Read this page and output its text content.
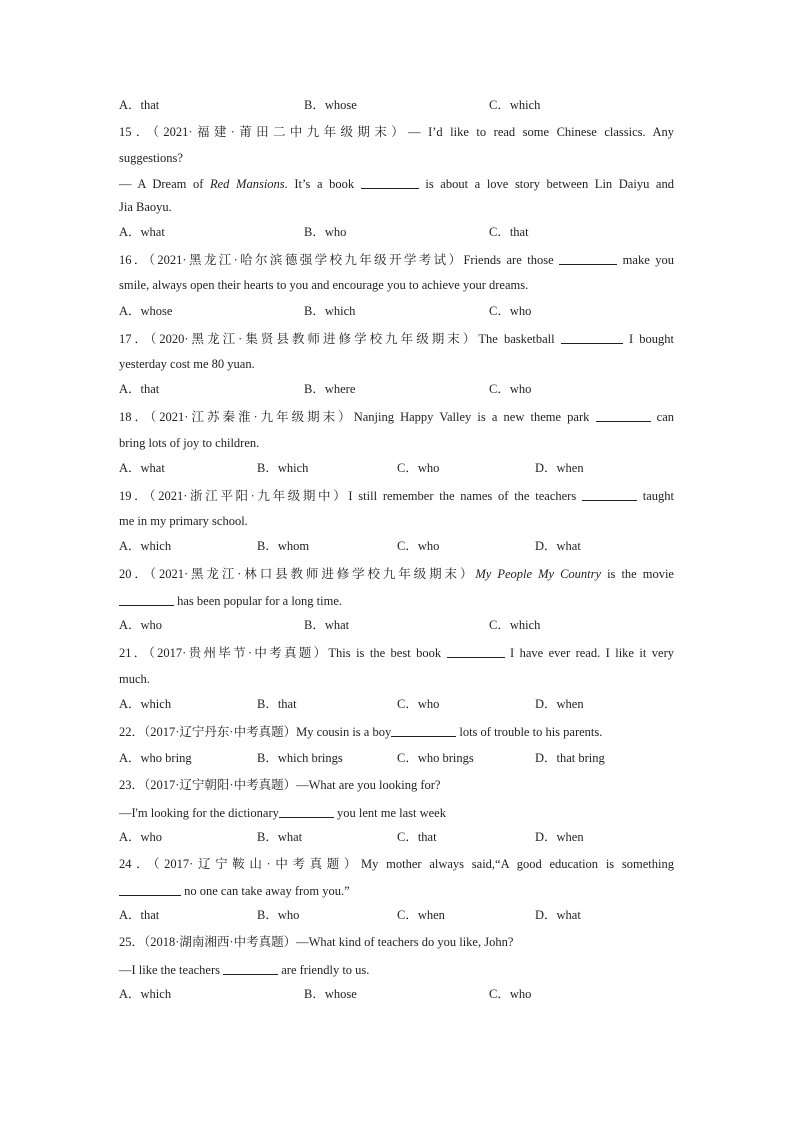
A．that	B．whose	C．which
15．（2021·福建·莆田二中九年级期末）— I’d like to read some Chinese classics. Any
suggestions?
— A Dream of Red Mansions. It’s a book	is about a love story between Lin Daiyu and
Jia Baoyu.
A．what	B．who	C．that
16．（2021·黑龙江·哈尔滨德强学校九年级开学考试）Friends are those	make you
smile, always open their hearts to you and encourage you to achieve your dreams.
A．whose	B．which	C．who
17．（2020·黑龙江·集贤县教师进修学校九年级期末）The basketball	I bought
yesterday cost me 80 yuan.
A．that	B．where	C．who
18．（2021·江苏秦淮·九年级期末）Nanjing Happy Valley is a new theme park	can
bring lots of joy to children.
A．what	B．which	C．who	D．when
19．（2021·浙江平阳·九年级期中）I still remember the names of the teachers	taught
me in my primary school.
A．which	B．whom	C．who	D．what
20．（2021·黑龙江·林口县教师进修学校九年级期末）My People My Country is the movie
has been popular for a long time.
A．who	B．what	C．which
21．（2017·贵州毕节·中考真题）This is the best book	I have ever read. I like it very
much.
A．which	B．that	C．who	D．when
22．（2017·辽宁丹东·中考真题）My cousin is a boy	lots of trouble to his parents.
A．who bring	B．which brings	C．who brings	D．that bring
23．（2017·辽宁朝阳·中考真题）—What are you looking for?
—I'm looking for the dictionary	you lent me last week
A．who	B．what	C．that	D．when
24．（2017·辽宁鞍山·中考真题）My mother always said,“A good education is something
no one can take away from you.”
A．that	B．who	C．when	D．what
25．（2018·湖南湘西·中考真题）—What kind of teachers do you like, John?
—I like the teachers	are friendly to us.
A．which	B．whose	C．who
